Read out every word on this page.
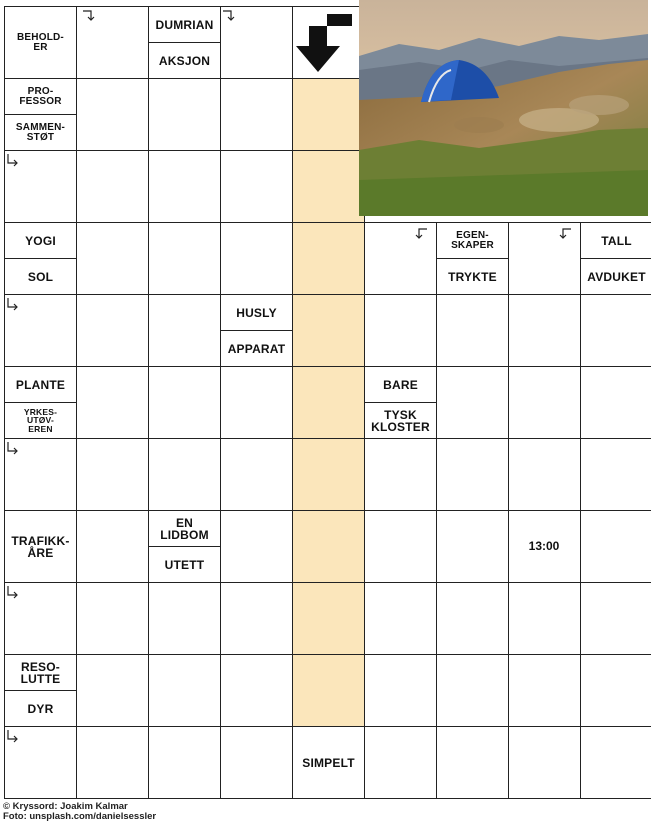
BEHOLD-
ER
DUMRIAN
AKSJON
PRO-
FESSOR
SAMMEN-
STØT
YOGI
SOL
EGEN-
SKAPER
TRYKTE
TALL
AVDUKET
HUSLY
APPARAT
PLANTE
YRKES-
UTØV-
EREN
BARE
TYSK
KLOSTER
TRAFIKK-
ÅRE
EN
LIDBOM
UTETT
RESO-
LUTTE
DYR
SIMPELT
13:00
© Kryssord: Joakim Kalmar
Foto: unsplash.com/danielsessler
